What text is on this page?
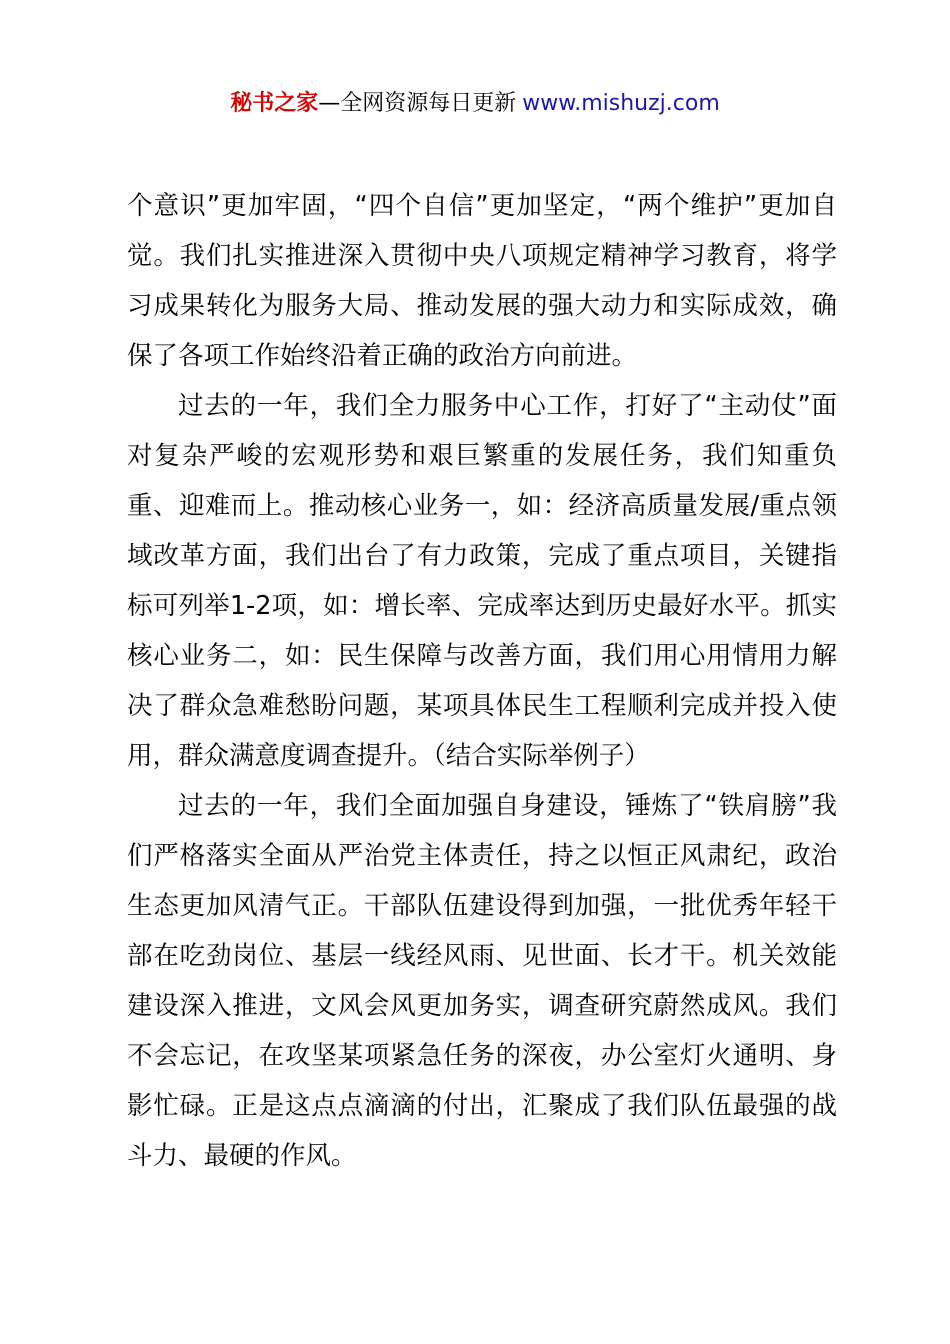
秘书之家—全网资源每日更新 www.mishuzj.com

个意识”更加牢固，“四个自信”更加坚定，“两个维护”更加自觉。我们扎实推进深入贯彻中央八项规定精神学习教育，将学习成果转化为服务大局、推动发展的强大动力和实际成效，确保了各项工作始终沿着正确的政治方向前进。

过去的一年，我们全力服务中心工作，打好了“主动仗”面对复杂严峻的宏观形势和艰巨繁重的发展任务，我们知重负重、迎难而上。推动核心业务一，如：经济高质量发展/重点领域改革方面，我们出台了有力政策，完成了重点项目，关键指标可列举1-2项，如：增长率、完成率达到历史最好水平。抓实核心业务二，如：民生保障与改善方面，我们用心用情用力解决了群众急难愁盼问题，某项具体民生工程顺利完成并投入使用，群众满意度调查提升。（结合实际举例子）

过去的一年，我们全面加强自身建设，锤炼了“铁肩膀”我们严格落实全面从严治党主体责任，持之以恒正风肃纪，政治生态更加风清气正。干部队伍建设得到加强，一批优秀年轻干部在吃劲岗位、基层一线经风雨、见世面、长才干。机关效能建设深入推进，文风会风更加务实，调查研究蔚然成风。我们不会忘记，在攻坚某项紧急任务的深夜，办公室灯火通明、身影忙碌。正是这点点滴滴的付出，汇聚成了我们队伍最强的战斗力、最硬的作风。
